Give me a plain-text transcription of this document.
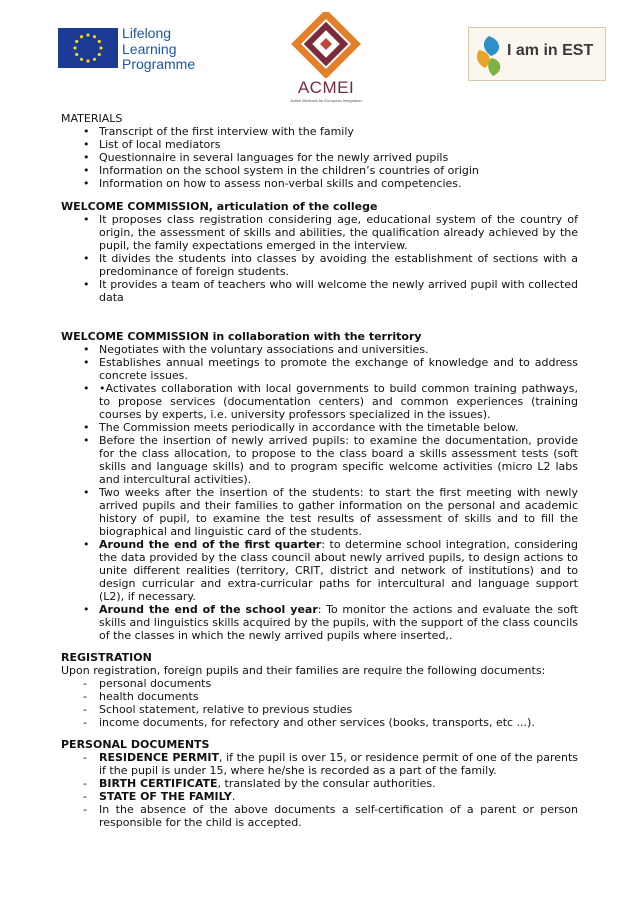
Lifelong
Learning
Programme
ACMEI
Active Methods for European Integration
I am in EST

MATERIALS

• Transcript of the first interview with the family
• List of local mediators
• Questionnaire in several languages for the newly arrived pupils
• Information on the school system in the children’s countries of origin
• Information on how to assess non-verbal skills and competencies.

WELCOME COMMISSION, articulation of the college

• It proposes class registration considering age, educational system of the country of origin, the assessment of skills and abilities, the qualification already achieved by the pupil, the family expectations emerged in the interview.
• It divides the students into classes by avoiding the establishment of sections with a predominance of foreign students.
• It provides a team of teachers who will welcome the newly arrived pupil with collected data

WELCOME COMMISSION in collaboration with the territory

• Negotiates with the voluntary associations and universities.
• Establishes annual meetings to promote the exchange of knowledge and to address concrete issues.
• •Activates collaboration with local governments to build common training pathways, to propose services (documentation centers) and common experiences (training courses by experts, i.e. university professors specialized in the issues).
• The Commission meets periodically in accordance with the timetable below.
• Before the insertion of newly arrived pupils: to examine the documentation, provide for the class allocation, to propose to the class board a skills assessment tests (soft skills and language skills) and to program specific welcome activities (micro L2 labs and intercultural activities).
• Two weeks after the insertion of the students: to start the first meeting with newly arrived pupils and their families to gather information on the personal and academic history of pupil, to examine the test results of assessment of skills and to fill the biographical and linguistic card of the students.
• Around the end of the first quarter: to determine school integration, considering the data provided by the class council about newly arrived pupils, to design actions to unite different realities (territory, CRIT, district and network of institutions) and to design curricular and extra-curricular paths for intercultural and language support (L2), if necessary.
• Around the end of the school year: To monitor the actions and evaluate the soft skills and linguistics skills acquired by the pupils, with the support of the class councils of the classes in which the newly arrived pupils where inserted,.

REGISTRATION

Upon registration, foreign pupils and their families are require the following documents:

- personal documents
- health documents
- School statement, relative to previous studies
- income documents, for refectory and other services (books, transports, etc ...).

PERSONAL DOCUMENTS

- RESIDENCE PERMIT, if the pupil is over 15, or residence permit of one of the parents if the pupil is under 15, where he/she is recorded as a part of the family.
- BIRTH CERTIFICATE, translated by the consular authorities.
- STATE OF THE FAMILY.
- In the absence of the above documents a self-certification of a parent or person responsible for the child is accepted.
